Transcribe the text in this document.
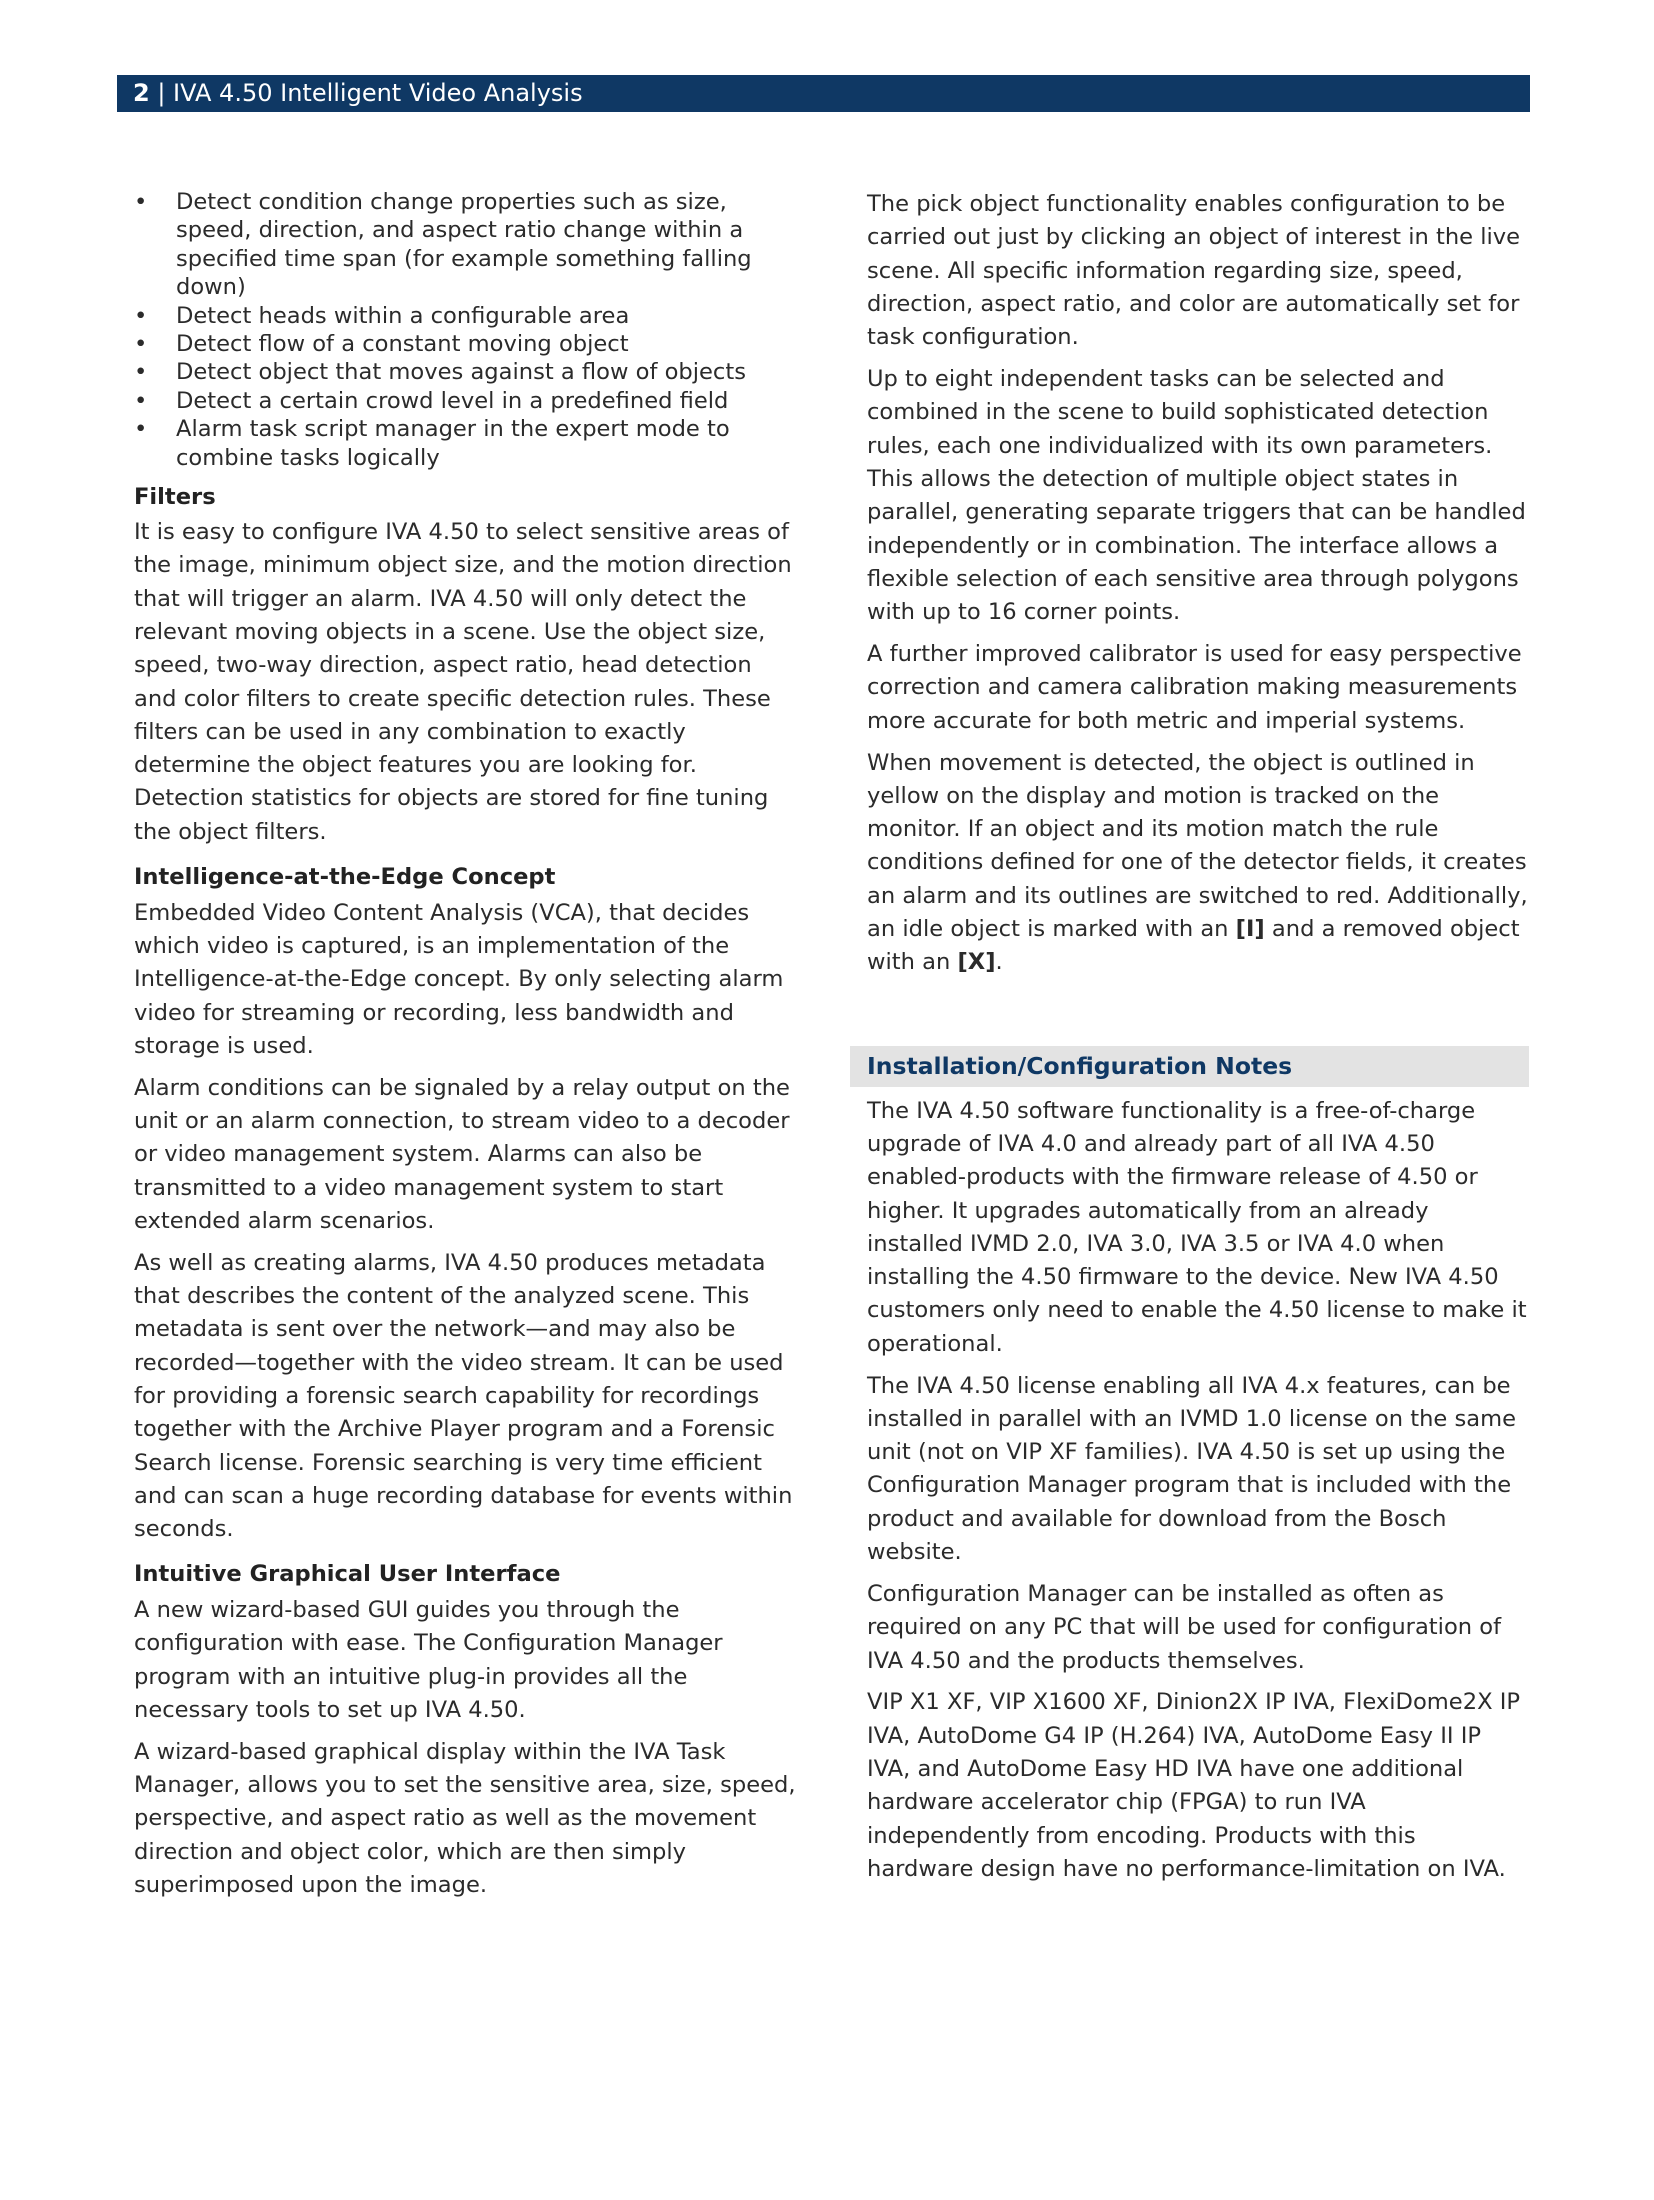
2 | IVA 4.50 Intelligent Video Analysis
• Detect condition change properties such as size, speed, direction, and aspect ratio change within a specified time span (for example something falling down)
• Detect heads within a configurable area
• Detect flow of a constant moving object
• Detect object that moves against a flow of objects
• Detect a certain crowd level in a predefined field
• Alarm task script manager in the expert mode to combine tasks logically

Filters

It is easy to configure IVA 4.50 to select sensitive areas of the image, minimum object size, and the motion direction that will trigger an alarm. IVA 4.50 will only detect the relevant moving objects in a scene. Use the object size, speed, two-way direction, aspect ratio, head detection and color filters to create specific detection rules. These filters can be used in any combination to exactly determine the object features you are looking for. Detection statistics for objects are stored for fine tuning the object filters.

Intelligence-at-the-Edge Concept

Embedded Video Content Analysis (VCA), that decides which video is captured, is an implementation of the Intelligence-at-the-Edge concept. By only selecting alarm video for streaming or recording, less bandwidth and storage is used.

Alarm conditions can be signaled by a relay output on the unit or an alarm connection, to stream video to a decoder or video management system. Alarms can also be transmitted to a video management system to start extended alarm scenarios.

As well as creating alarms, IVA 4.50 produces metadata that describes the content of the analyzed scene. This metadata is sent over the network—and may also be recorded—together with the video stream. It can be used for providing a forensic search capability for recordings together with the Archive Player program and a Forensic Search license. Forensic searching is very time efficient and can scan a huge recording database for events within seconds.

Intuitive Graphical User Interface

A new wizard-based GUI guides you through the configuration with ease. The Configuration Manager program with an intuitive plug-in provides all the necessary tools to set up IVA 4.50.

A wizard-based graphical display within the IVA Task Manager, allows you to set the sensitive area, size, speed, perspective, and aspect ratio as well as the movement direction and object color, which are then simply superimposed upon the image.

The pick object functionality enables configuration to be carried out just by clicking an object of interest in the live scene. All specific information regarding size, speed, direction, aspect ratio, and color are automatically set for task configuration.

Up to eight independent tasks can be selected and combined in the scene to build sophisticated detection rules, each one individualized with its own parameters. This allows the detection of multiple object states in parallel, generating separate triggers that can be handled independently or in combination. The interface allows a flexible selection of each sensitive area through polygons with up to 16 corner points.

A further improved calibrator is used for easy perspective correction and camera calibration making measurements more accurate for both metric and imperial systems.

When movement is detected, the object is outlined in yellow on the display and motion is tracked on the monitor. If an object and its motion match the rule conditions defined for one of the detector fields, it creates an alarm and its outlines are switched to red. Additionally, an idle object is marked with an [I] and a removed object with an [X].

Installation/Configuration Notes

The IVA 4.50 software functionality is a free-of-charge upgrade of IVA 4.0 and already part of all IVA 4.50 enabled-products with the firmware release of 4.50 or higher. It upgrades automatically from an already installed IVMD 2.0, IVA 3.0, IVA 3.5 or IVA 4.0 when installing the 4.50 firmware to the device. New IVA 4.50 customers only need to enable the 4.50 license to make it operational.

The IVA 4.50 license enabling all IVA 4.x features, can be installed in parallel with an IVMD 1.0 license on the same unit (not on VIP XF families). IVA 4.50 is set up using the Configuration Manager program that is included with the product and available for download from the Bosch website.

Configuration Manager can be installed as often as required on any PC that will be used for configuration of IVA 4.50 and the products themselves.

VIP X1 XF, VIP X1600 XF, Dinion2X IP IVA, FlexiDome2X IP IVA, AutoDome G4 IP (H.264) IVA, AutoDome Easy II IP IVA, and AutoDome Easy HD IVA have one additional hardware accelerator chip (FPGA) to run IVA independently from encoding. Products with this hardware design have no performance-limitation on IVA.
